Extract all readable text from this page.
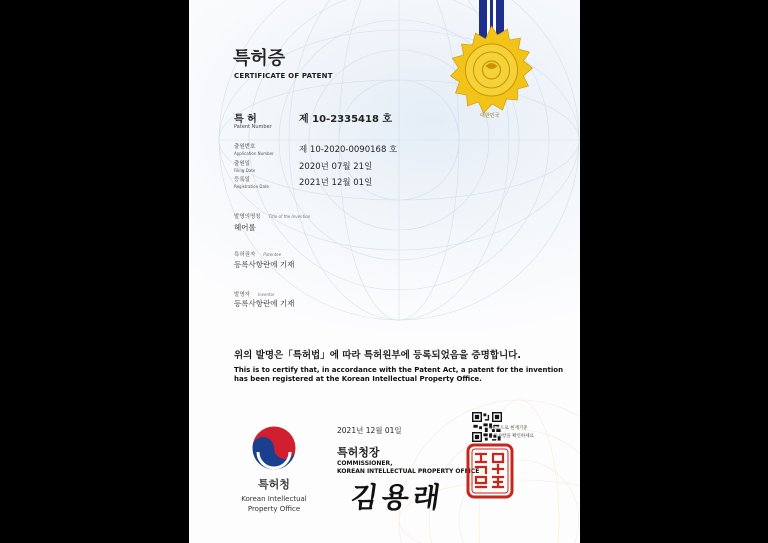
대한민국
특허증
CERTIFICATE OF PATENT
특 허
Patent Number
제 10-2335418 호
출원번호
Application Number	제 10-2020-0090168 호
출원일
Filing Date	2020년 07월 21일
등록일
Registration Date	2021년 12월 01일
발명의명칭 Title of the Invention
헤어롤
특허권자 Patentee
등록사항란에 기재
발명자 Inventor
등록사항란에 기재
위의 발명은「특허법」에 따라 특허원부에 등록되었음을 증명합니다.
This is to certify that, in accordance with the Patent Act, a patent for the invention has been registered at the Korean Intellectual Property Office.
특허청
Korean Intellectual
Property Office
2021년 12월 01일	QR코드로 현재기준
등록사항을 확인하세요
특허청장
COMMISSIONER,
KOREAN INTELLECTUAL PROPERTY OFFICE
김용래
